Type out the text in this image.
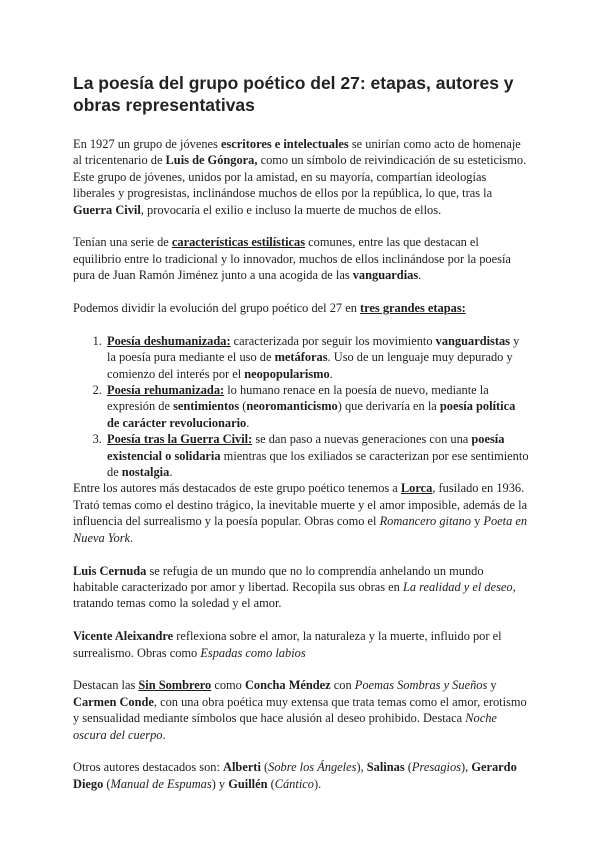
La poesía del grupo poético del 27: etapas, autores y obras representativas

En 1927 un grupo de jóvenes escritores e intelectuales se unirían como acto de homenaje al tricentenario de Luis de Góngora, como un símbolo de reivindicación de su esteticismo. Este grupo de jóvenes, unidos por la amistad, en su mayoría, compartían ideologías liberales y progresistas, inclinándose muchos de ellos por la república, lo que, tras la Guerra Civil, provocaría el exilio e incluso la muerte de muchos de ellos.

Tenían una serie de características estilísticas comunes, entre las que destacan el equilibrio entre lo tradicional y lo innovador, muchos de ellos inclinándose por la poesía pura de Juan Ramón Jiménez junto a una acogida de las vanguardias.

Podemos dividir la evolución del grupo poético del 27 en tres grandes etapas:

1. Poesía deshumanizada: caracterizada por seguir los movimiento vanguardistas y la poesía pura mediante el uso de metáforas. Uso de un lenguaje muy depurado y comienzo del interés por el neopopularismo.
2. Poesía rehumanizada: lo humano renace en la poesía de nuevo, mediante la expresión de sentimientos (neoromanticismo) que derivaría en la poesía política de carácter revolucionario.
3. Poesía tras la Guerra Civil: se dan paso a nuevas generaciones con una poesía existencial o solidaria mientras que los exiliados se caracterizan por ese sentimiento de nostalgia.

Entre los autores más destacados de este grupo poético tenemos a Lorca, fusilado en 1936. Trató temas como el destino trágico, la inevitable muerte y el amor imposible, además de la influencia del surrealismo y la poesía popular. Obras como el Romancero gitano y Poeta en Nueva York.

Luis Cernuda se refugia de un mundo que no lo comprendía anhelando un mundo habitable caracterizado por amor y libertad. Recopila sus obras en La realidad y el deseo, tratando temas como la soledad y el amor.

Vicente Aleixandre reflexiona sobre el amor, la naturaleza y la muerte, influido por el surrealismo. Obras como Espadas como labios

Destacan las Sin Sombrero como Concha Méndez con Poemas Sombras y Sueños y Carmen Conde, con una obra poética muy extensa que trata temas como el amor, erotismo y sensualidad mediante símbolos que hace alusión al deseo prohibido. Destaca Noche oscura del cuerpo.

Otros autores destacados son: Alberti (Sobre los Ángeles), Salinas (Presagios), Gerardo Diego (Manual de Espumas) y Guillén (Cántico).
